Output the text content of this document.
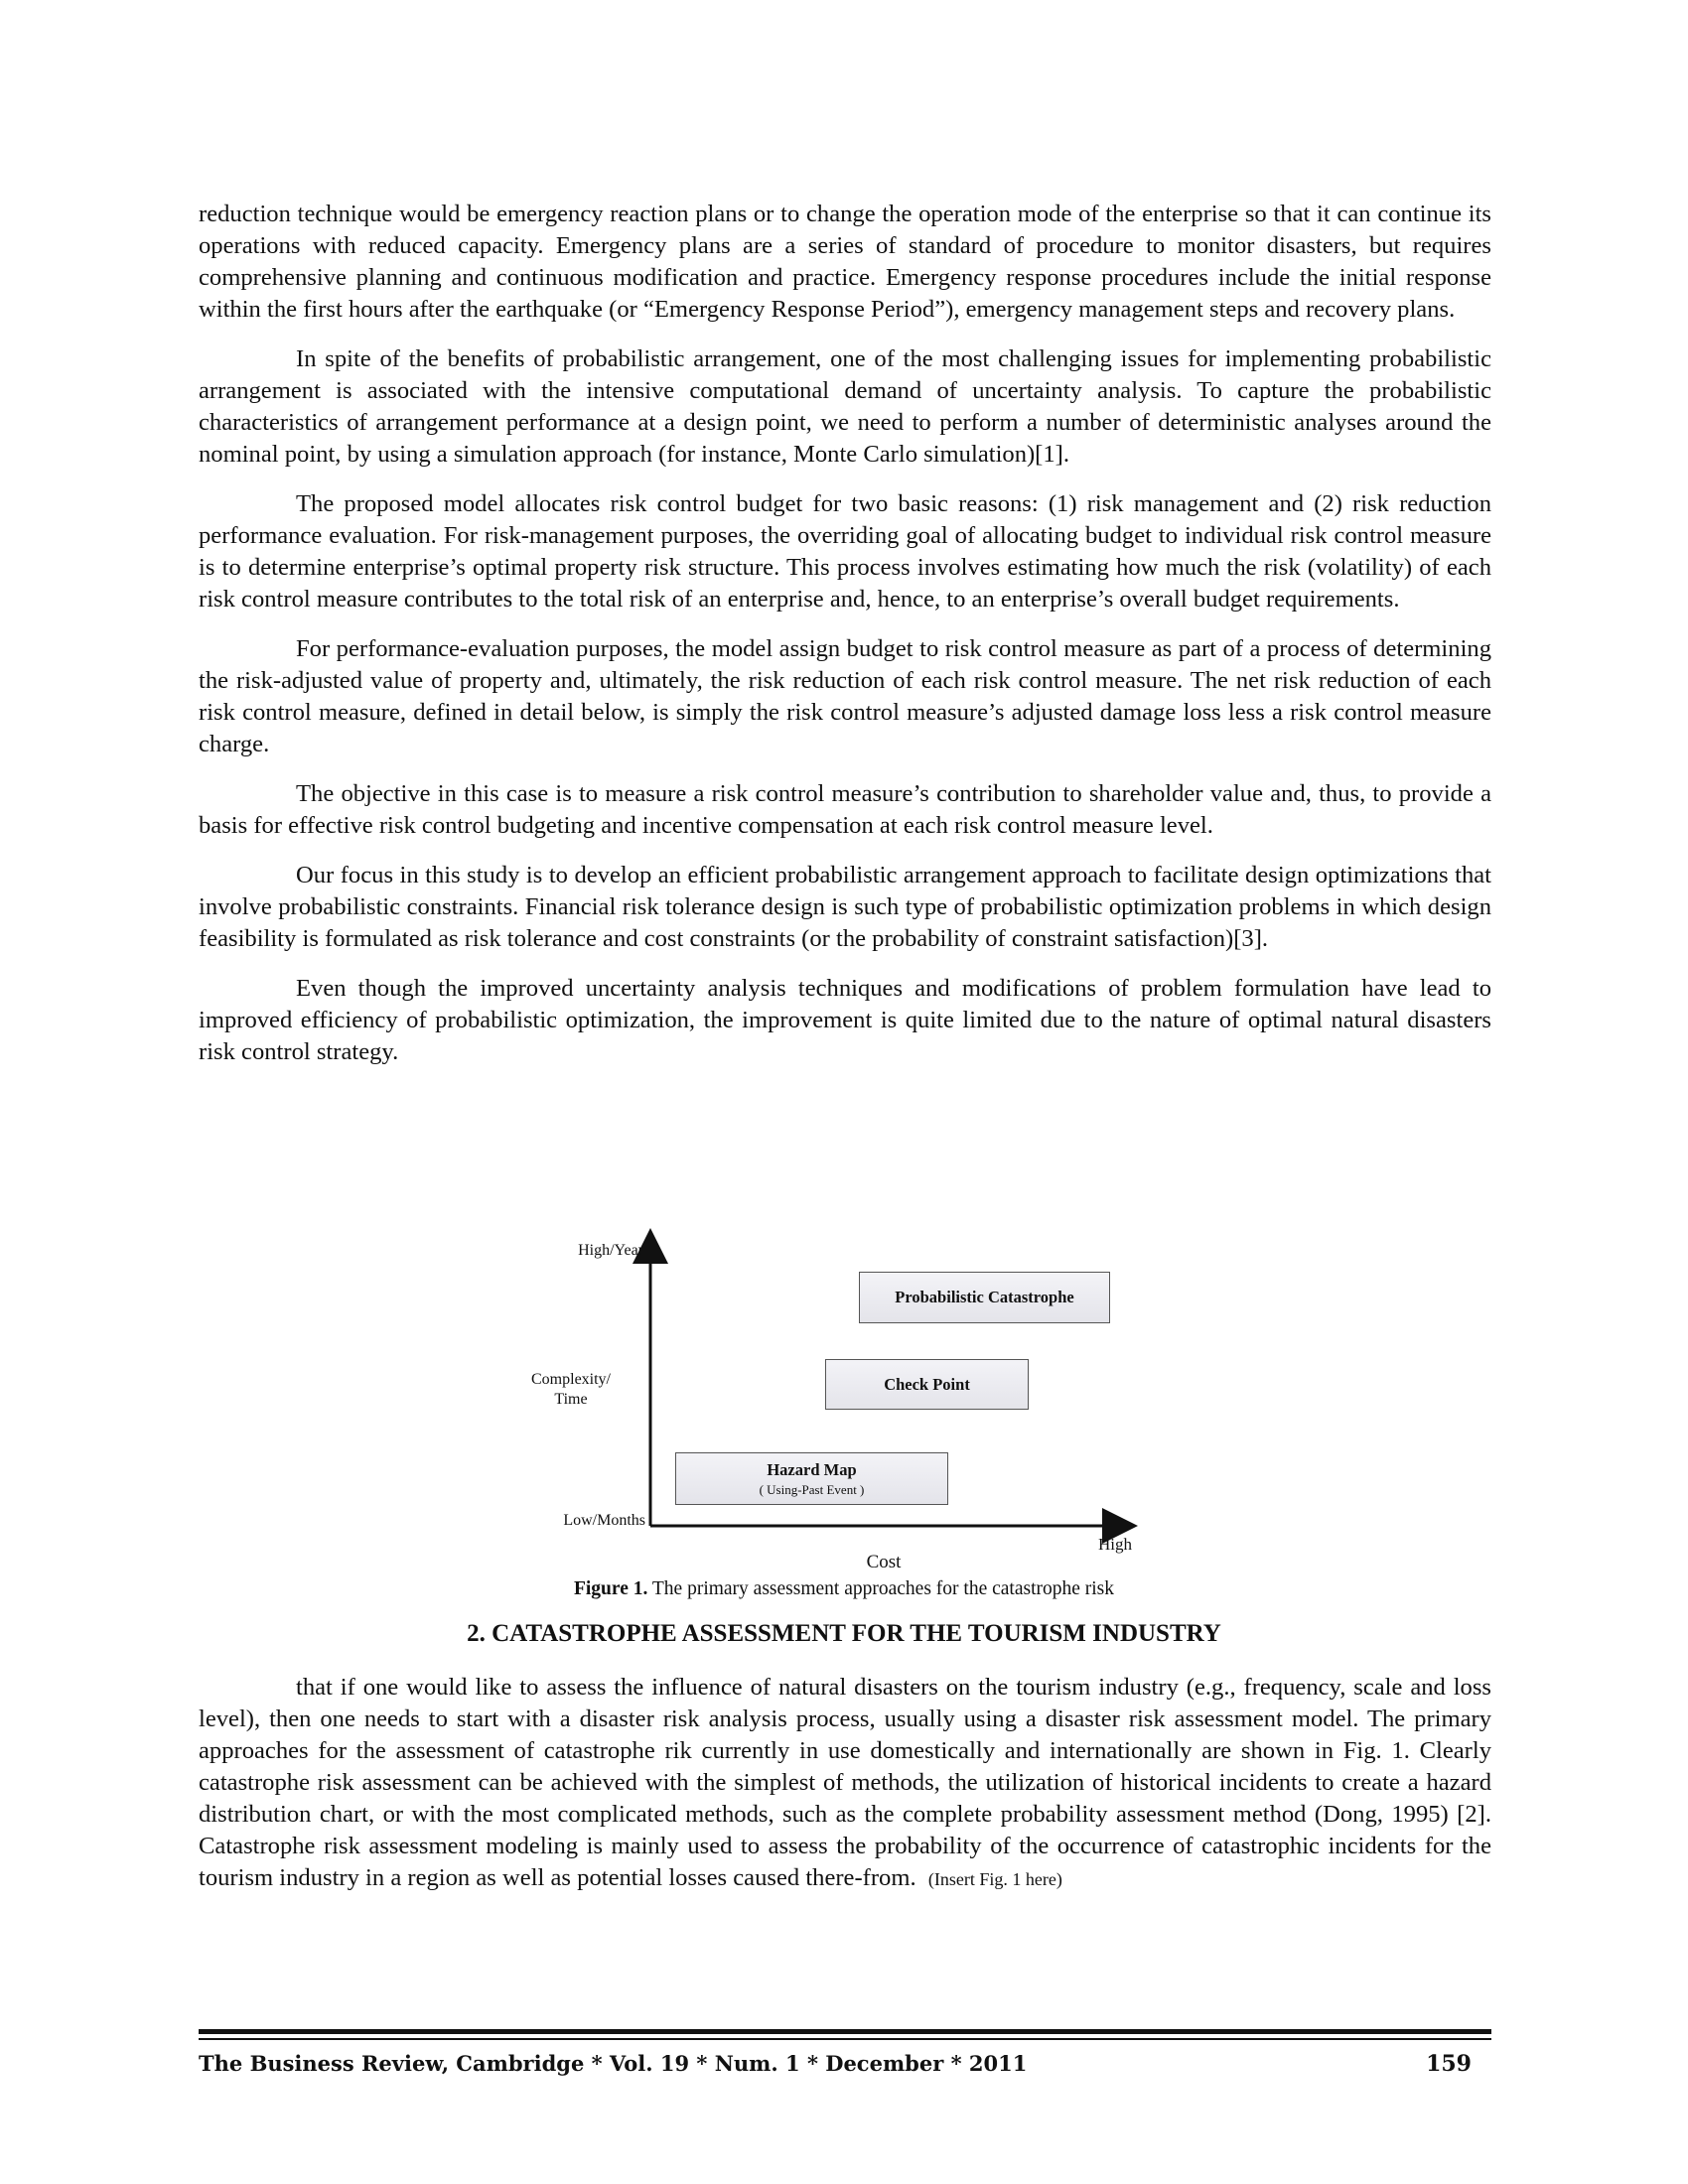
reduction technique would be emergency reaction plans or to change the operation mode of the enterprise so that it can continue its operations with reduced capacity. Emergency plans are a series of standard of procedure to monitor disasters, but requires comprehensive planning and continuous modification and practice. Emergency response procedures include the initial response within the first hours after the earthquake (or “Emergency Response Period”), emergency management steps and recovery plans.

In spite of the benefits of probabilistic arrangement, one of the most challenging issues for implementing probabilistic arrangement is associated with the intensive computational demand of uncertainty analysis. To capture the probabilistic characteristics of arrangement performance at a design point, we need to perform a number of deterministic analyses around the nominal point, by using a simulation approach (for instance, Monte Carlo simulation)[1].

The proposed model allocates risk control budget for two basic reasons: (1) risk management and (2) risk reduction performance evaluation. For risk-management purposes, the overriding goal of allocating budget to individual risk control measure is to determine enterprise’s optimal property risk structure. This process involves estimating how much the risk (volatility) of each risk control measure contributes to the total risk of an enterprise and, hence, to an enterprise’s overall budget requirements.

For performance-evaluation purposes, the model assign budget to risk control measure as part of a process of determining the risk-adjusted value of property and, ultimately, the risk reduction of each risk control measure. The net risk reduction of each risk control measure, defined in detail below, is simply the risk control measure’s adjusted damage loss less a risk control measure charge.

The objective in this case is to measure a risk control measure’s contribution to shareholder value and, thus, to provide a basis for effective risk control budgeting and incentive compensation at each risk control measure level.

Our focus in this study is to develop an efficient probabilistic arrangement approach to facilitate design optimizations that involve probabilistic constraints. Financial risk tolerance design is such type of probabilistic optimization problems in which design feasibility is formulated as risk tolerance and cost constraints (or the probability of constraint satisfaction)[3].

Even though the improved uncertainty analysis techniques and modifications of problem formulation have lead to improved efficiency of probabilistic optimization, the improvement is quite limited due to the nature of optimal natural disasters risk control strategy.

High/Year
Complexity/
Time
Low/Months
High
Cost
Probabilistic Catastrophe
Check Point
Hazard Map
( Using-Past Event )
Figure 1. The primary assessment approaches for the catastrophe risk
2. CATASTROPHE ASSESSMENT FOR THE TOURISM INDUSTRY

that if one would like to assess the influence of natural disasters on the tourism industry (e.g., frequency, scale and loss level), then one needs to start with a disaster risk analysis process, usually using a disaster risk assessment model. The primary approaches for the assessment of catastrophe rik currently in use domestically and internationally are shown in Fig. 1. Clearly catastrophe risk assessment can be achieved with the simplest of methods, the utilization of historical incidents to create a hazard distribution chart, or with the most complicated methods, such as the complete probability assessment method (Dong, 1995) [2]. Catastrophe risk assessment modeling is mainly used to assess the probability of the occurrence of catastrophic incidents for the tourism industry in a region as well as potential losses caused there-from. (Insert Fig. 1 here)

The Business Review, Cambridge * Vol. 19 * Num. 1 * December * 2011	159
